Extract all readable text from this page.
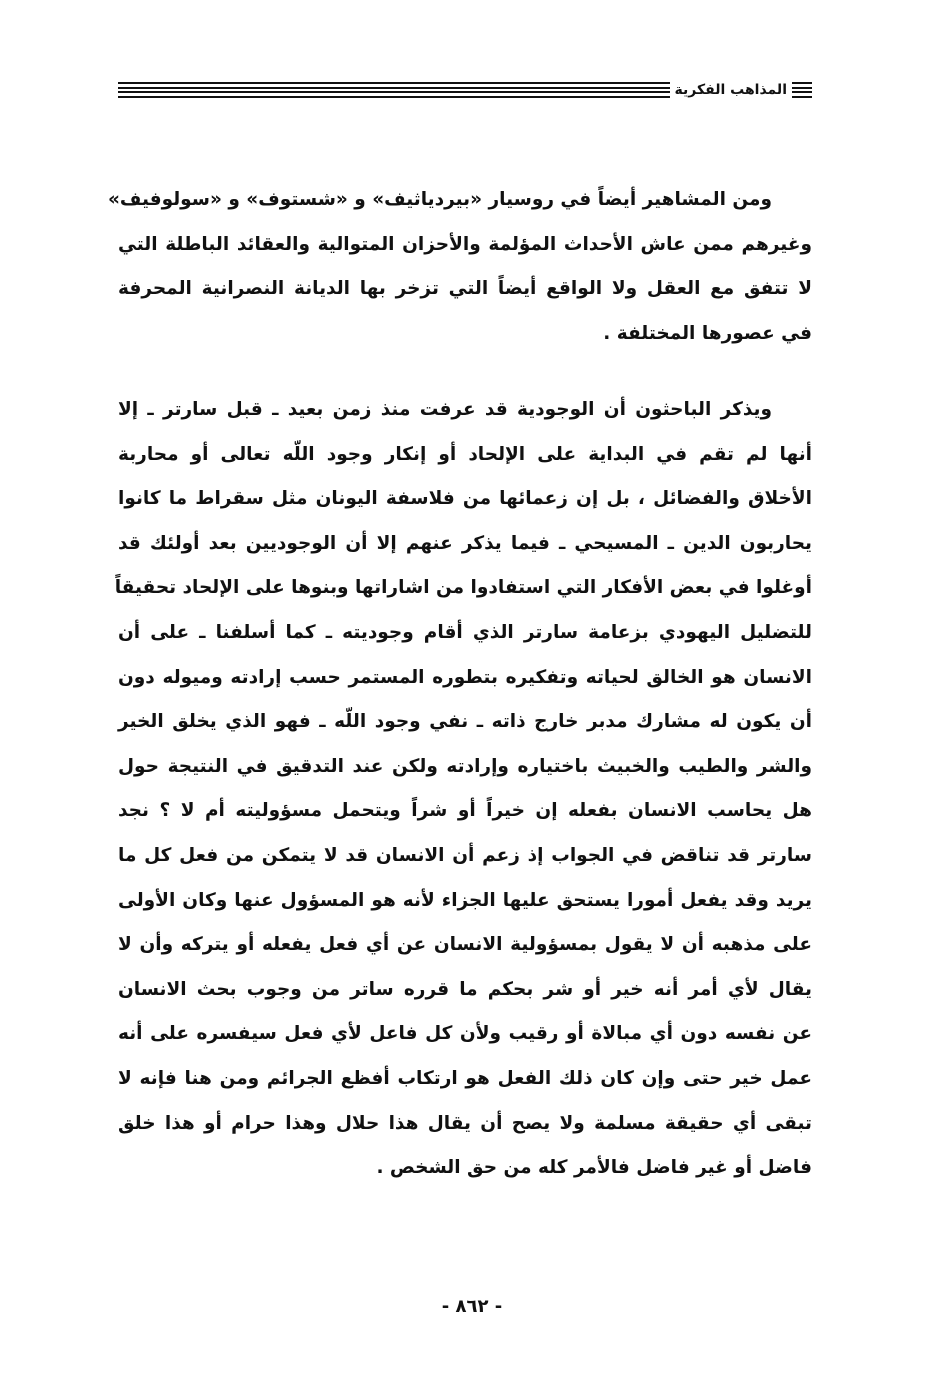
المذاهب الفكرية
ومن المشاهير أيضاً في روسيار «بيردياثيف» و «شستوف» و «سولوفيف»
وغيرهم ممن عاش الأحداث المؤلمة والأحزان المتوالية والعقائد الباطلة التي
لا تتفق مع العقل ولا الواقع أيضاً التي تزخر بها الديانة النصرانية المحرفة
في عصورها المختلفة .
ويذكر الباحثون أن الوجودية قد عرفت منذ زمن بعيد ـ قبل سارتر ـ إلا
أنها لم تقم في البداية على الإلحاد أو إنكار وجود اللّه تعالى أو محاربة
الأخلاق والفضائل ، بل إن زعمائها من فلاسفة اليونان مثل سقراط ما كانوا
يحاربون الدين ـ المسيحي ـ فيما يذكر عنهم إلا أن الوجوديين بعد أولئك قد
أوغلوا في بعض الأفكار التي استفادوا من اشاراتها وبنوها على الإلحاد تحقيقاً
للتضليل اليهودي بزعامة سارتر الذي أقام وجوديته ـ كما أسلفنا ـ على أن
الانسان هو الخالق لحياته وتفكيره بتطوره المستمر حسب إرادته وميوله دون
أن يكون له مشارك مدبر خارج ذاته ـ نفي وجود اللّه ـ فهو الذي يخلق الخير
والشر والطيب والخبيث باختياره وإرادته ولكن عند التدقيق في النتيجة حول
هل يحاسب الانسان بفعله إن خيراً أو شراً ويتحمل مسؤوليته أم لا ؟ نجد
سارتر قد تناقض في الجواب إذ زعم أن الانسان قد لا يتمكن من فعل كل ما
يريد وقد يفعل أمورا يستحق عليها الجزاء لأنه هو المسؤول عنها وكان الأولى
على مذهبه أن لا يقول بمسؤولية الانسان عن أي فعل يفعله أو يتركه وأن لا
يقال لأي أمر أنه خير أو شر بحكم ما قرره ساتر من وجوب بحث الانسان
عن نفسه دون أي مبالاة أو رقيب ولأن كل فاعل لأي فعل سيفسره على أنه
عمل خير حتى وإن كان ذلك الفعل هو ارتكاب أفظع الجرائم ومن هنا فإنه لا
تبقى أي حقيقة مسلمة ولا يصح أن يقال هذا حلال وهذا حرام أو هذا خلق
فاضل أو غير فاضل فالأمر كله من حق الشخص .
- ٨٦٢ -
